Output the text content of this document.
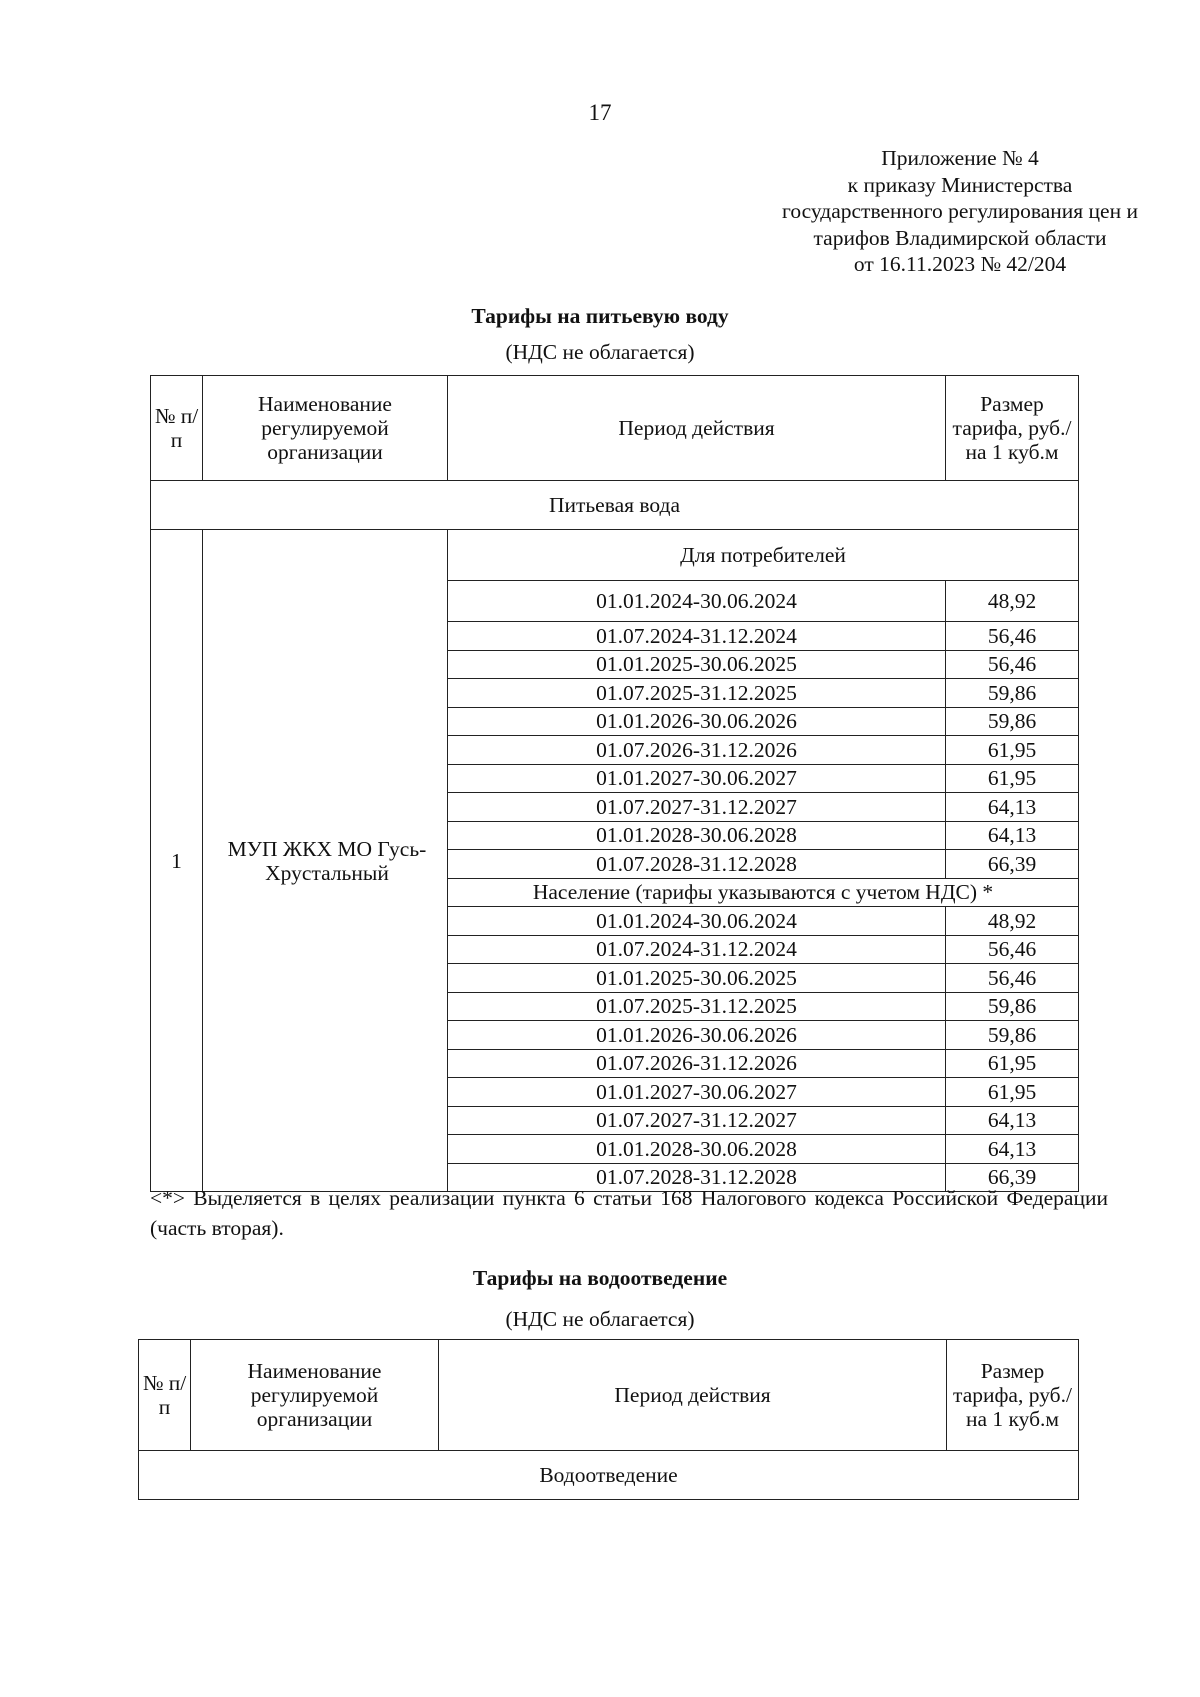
17
Приложение № 4
к приказу Министерства
государственного регулирования цен и
тарифов Владимирской области
от 16.11.2023 № 42/204
Тарифы на питьевую воду
(НДС не облагается)
№ п/п	Наименование регулируемой организации	Период действия	Размер тарифа, руб./на 1 куб.м
Питьевая вода			
1	МУП ЖКХ МО Гусь-Хрустальный	Для потребителей	
		01.01.2024-30.06.2024	48,92
		01.07.2024-31.12.2024	56,46
		01.01.2025-30.06.2025	56,46
		01.07.2025-31.12.2025	59,86
		01.01.2026-30.06.2026	59,86
		01.07.2026-31.12.2026	61,95
		01.01.2027-30.06.2027	61,95
		01.07.2027-31.12.2027	64,13
		01.01.2028-30.06.2028	64,13
		01.07.2028-31.12.2028	66,39
		Население (тарифы указываются с учетом НДС) *	
		01.01.2024-30.06.2024	48,92
		01.07.2024-31.12.2024	56,46
		01.01.2025-30.06.2025	56,46
		01.07.2025-31.12.2025	59,86
		01.01.2026-30.06.2026	59,86
		01.07.2026-31.12.2026	61,95
		01.01.2027-30.06.2027	61,95
		01.07.2027-31.12.2027	64,13
		01.01.2028-30.06.2028	64,13
		01.07.2028-31.12.2028	66,39
<*> Выделяется в целях реализации пункта 6 статьи 168 Налогового кодекса Российской Федерации (часть вторая).
Тарифы на водоотведение
(НДС не облагается)
№ п/п	Наименование регулируемой организации	Период действия	Размер тарифа, руб./на 1 куб.м
Водоотведение
